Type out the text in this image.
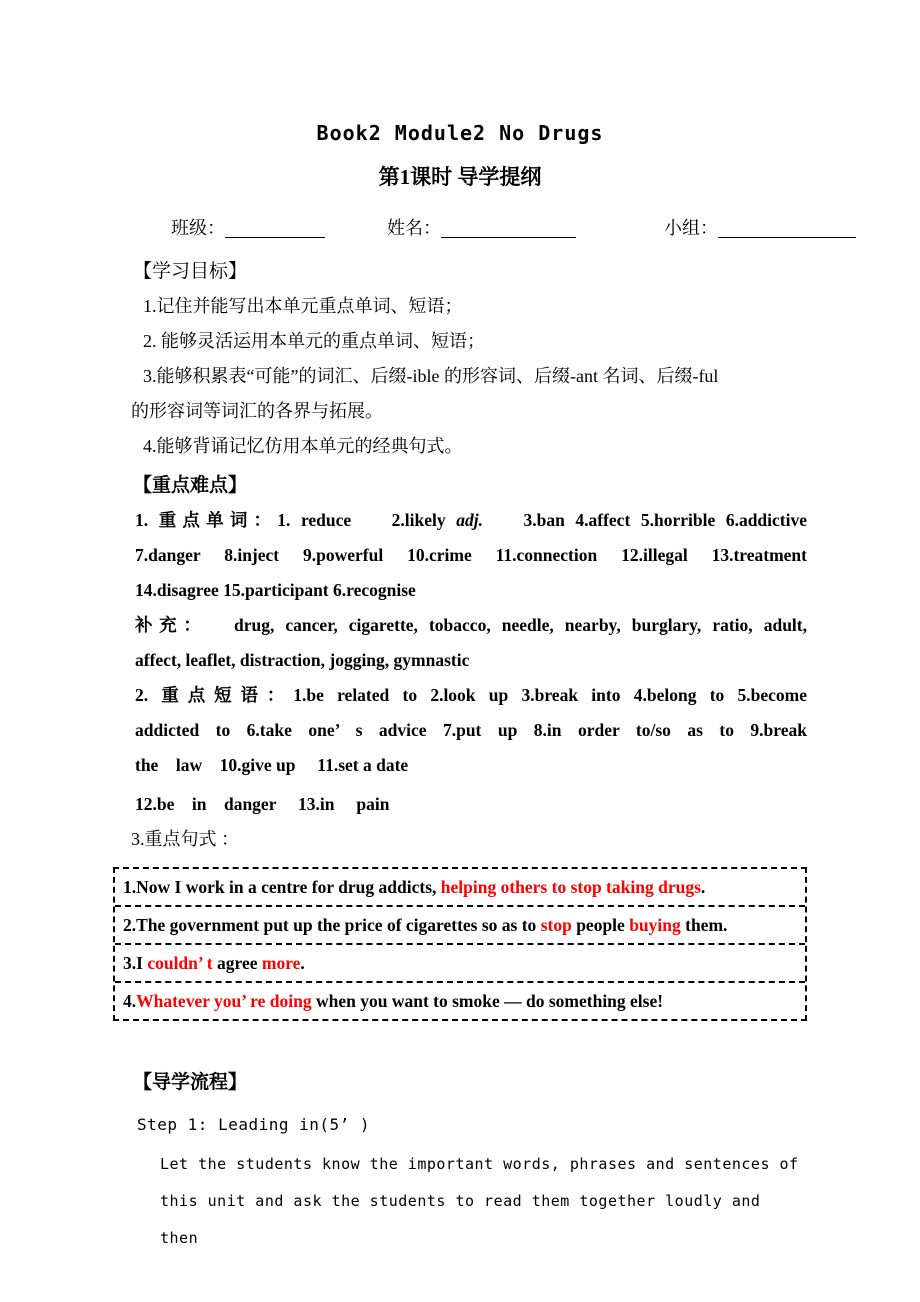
Book2 Module2 No Drugs
第1课时 导学提纲
班级：	姓名：	小组：
【学习目标】
1.记住并能写出本单元重点单词、短语；
2. 能够灵活运用本单元的重点单词、短语；
3.能够积累表“可能”的词汇、后缀-ible 的形容词、后缀-ant 名词、后缀-ful
的形容词等词汇的各界与拓展。
4.能够背诵记忆仿用本单元的经典句式。
【重点难点】
1. 重点单词：1. reduce　 2.likely adj.　 3.ban 4.affect 5.horrible 6.addictive
7.danger 8.inject 9.powerful 10.crime 11.connection 12.illegal 13.treatment
14.disagree 15.participant 6.recognise
补充：　 drug, cancer, cigarette, tobacco, needle, nearby, burglary, ratio, adult,
affect, leaflet, distraction, jogging, gymnastic
2. 重点短语：1.be related to 2.look up 3.break into 4.belong to 5.become
addicted to 6.take one’ s advice 7.put up 8.in order to/so as to 9.break
the　law　10.give up　 11.set a date
12.be　in　danger　 13.in　 pain
3.重点句式 ：
1.Now I work in a centre for drug addicts, helping others to stop taking drugs.
2.The government put up the price of cigarettes so as to stop people buying them.
3.I couldn’ t agree more.
4.Whatever you’ re doing when you want to smoke — do something else!
【导学流程】
Step 1: Leading in(5’ )
Let the students know the important words, phrases and sentences of
this unit and ask the students to read them together loudly and then
